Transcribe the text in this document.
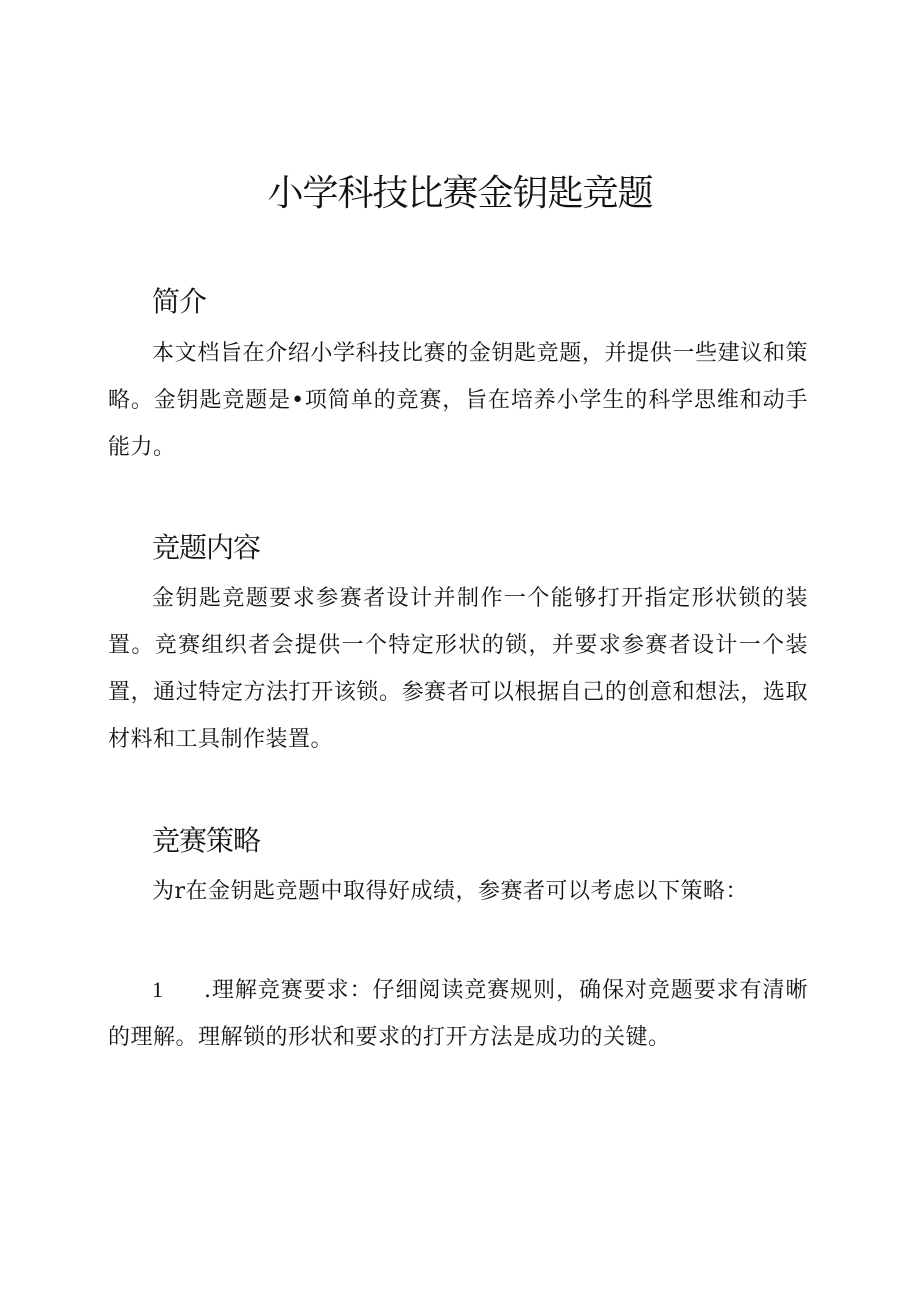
小学科技比赛金钥匙竞题
简介

本文档旨在介绍小学科技比赛的金钥匙竞题，并提供一些建议和策略。金钥匙竞题是•项简单的竞赛，旨在培养小学生的科学思维和动手能力。

竞题内容

金钥匙竞题要求参赛者设计并制作一个能够打开指定形状锁的装置。竞赛组织者会提供一个特定形状的锁，并要求参赛者设计一个装置，通过特定方法打开该锁。参赛者可以根据自己的创意和想法，选取材料和工具制作装置。

竞赛策略

为r在金钥匙竞题中取得好成绩，参赛者可以考虑以下策略：

1 .理解竞赛要求：仔细阅读竞赛规则，确保对竞题要求有清晰的理解。理解锁的形状和要求的打开方法是成功的关键。
